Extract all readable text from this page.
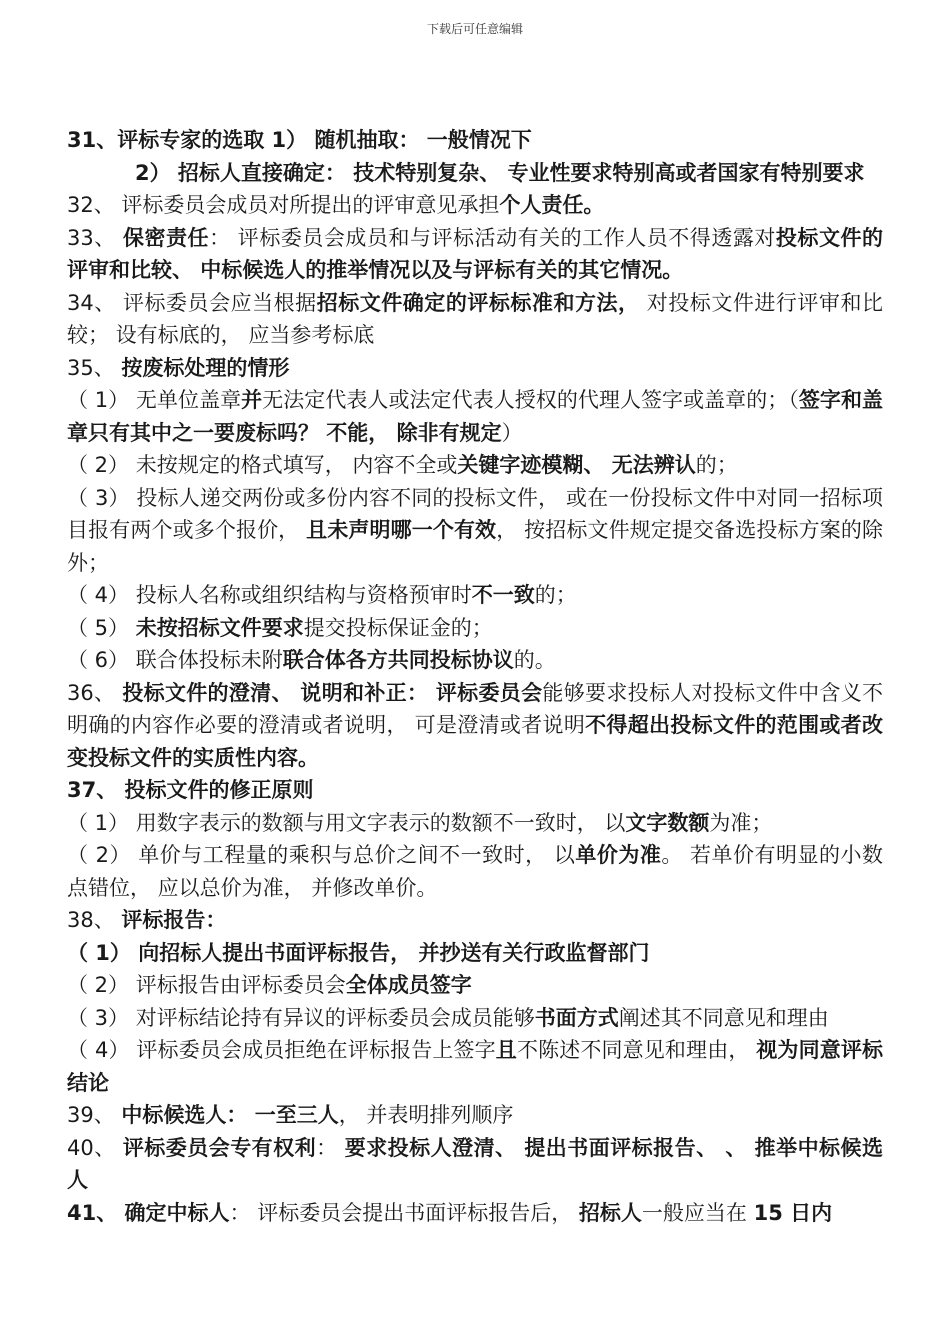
下载后可任意编辑

31、评标专家的选取 1） 随机抽取： 一般情况下

2） 招标人直接确定： 技术特别复杂、 专业性要求特别高或者国家有特别要求

32、 评标委员会成员对所提出的评审意见承担个人责任。

33、 保密责任： 评标委员会成员和与评标活动有关的工作人员不得透露对投标文件的评审和比较、 中标候选人的推举情况以及与评标有关的其它情况。

34、 评标委员会应当根据招标文件确定的评标标准和方法， 对投标文件进行评审和比较； 设有标底的， 应当参考标底

35、 按废标处理的情形

（ 1） 无单位盖章并无法定代表人或法定代表人授权的代理人签字或盖章的；（签字和盖章只有其中之一要废标吗？ 不能， 除非有规定）

（ 2） 未按规定的格式填写， 内容不全或关键字迹模糊、 无法辨认的；

（ 3） 投标人递交两份或多份内容不同的投标文件， 或在一份投标文件中对同一招标项目报有两个或多个报价， 且未声明哪一个有效， 按招标文件规定提交备选投标方案的除外；

（ 4） 投标人名称或组织结构与资格预审时不一致的；

（ 5） 未按招标文件要求提交投标保证金的；

（ 6） 联合体投标未附联合体各方共同投标协议的。

36、 投标文件的澄清、 说明和补正： 评标委员会能够要求投标人对投标文件中含义不明确的内容作必要的澄清或者说明， 可是澄清或者说明不得超出投标文件的范围或者改变投标文件的实质性内容。

37、 投标文件的修正原则

（ 1） 用数字表示的数额与用文字表示的数额不一致时， 以文字数额为准；

（ 2） 单价与工程量的乘积与总价之间不一致时， 以单价为准。 若单价有明显的小数点错位， 应以总价为准， 并修改单价。

38、 评标报告：

（ 1） 向招标人提出书面评标报告， 并抄送有关行政监督部门

（ 2） 评标报告由评标委员会全体成员签字

（ 3） 对评标结论持有异议的评标委员会成员能够书面方式阐述其不同意见和理由

（ 4） 评标委员会成员拒绝在评标报告上签字且不陈述不同意见和理由， 视为同意评标结论

39、 中标候选人： 一至三人， 并表明排列顺序

40、 评标委员会专有权利： 要求投标人澄清、 提出书面评标报告、 、 推举中标候选人

41、 确定中标人： 评标委员会提出书面评标报告后， 招标人一般应当在 15 日内
